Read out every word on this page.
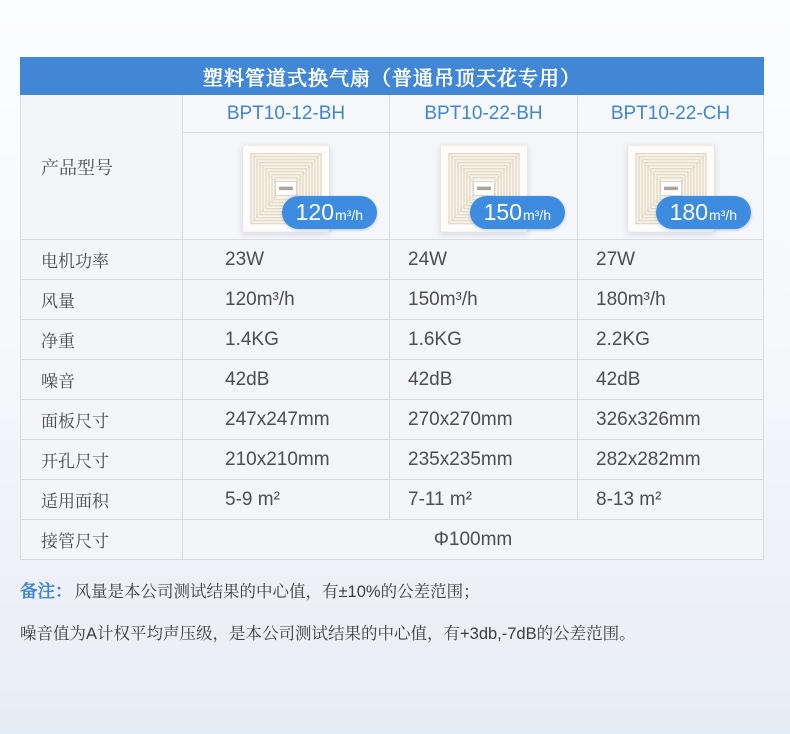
塑料管道式换气扇（普通吊顶天花专用）
产品型号
BPT10-12-BH	BPT10-22-BH	BPT10-22-CH
120 m³/h	150 m³/h	180 m³/h
电机功率	23W	24W	27W
风量	120m³/h	150m³/h	180m³/h
净重	1.4KG	1.6KG	2.2KG
噪音	42dB	42dB	42dB
面板尺寸	247x247mm	270x270mm	326x326mm
开孔尺寸	210x210mm	235x235mm	282x282mm
适用面积	5-9 m²	7-11 m²	8-13 m²
接管尺寸	Φ100mm

备注： 风量是本公司测试结果的中心值，有±10%的公差范围；

噪音值为A计权平均声压级，是本公司测试结果的中心值，有+3db,-7dB的公差范围。
